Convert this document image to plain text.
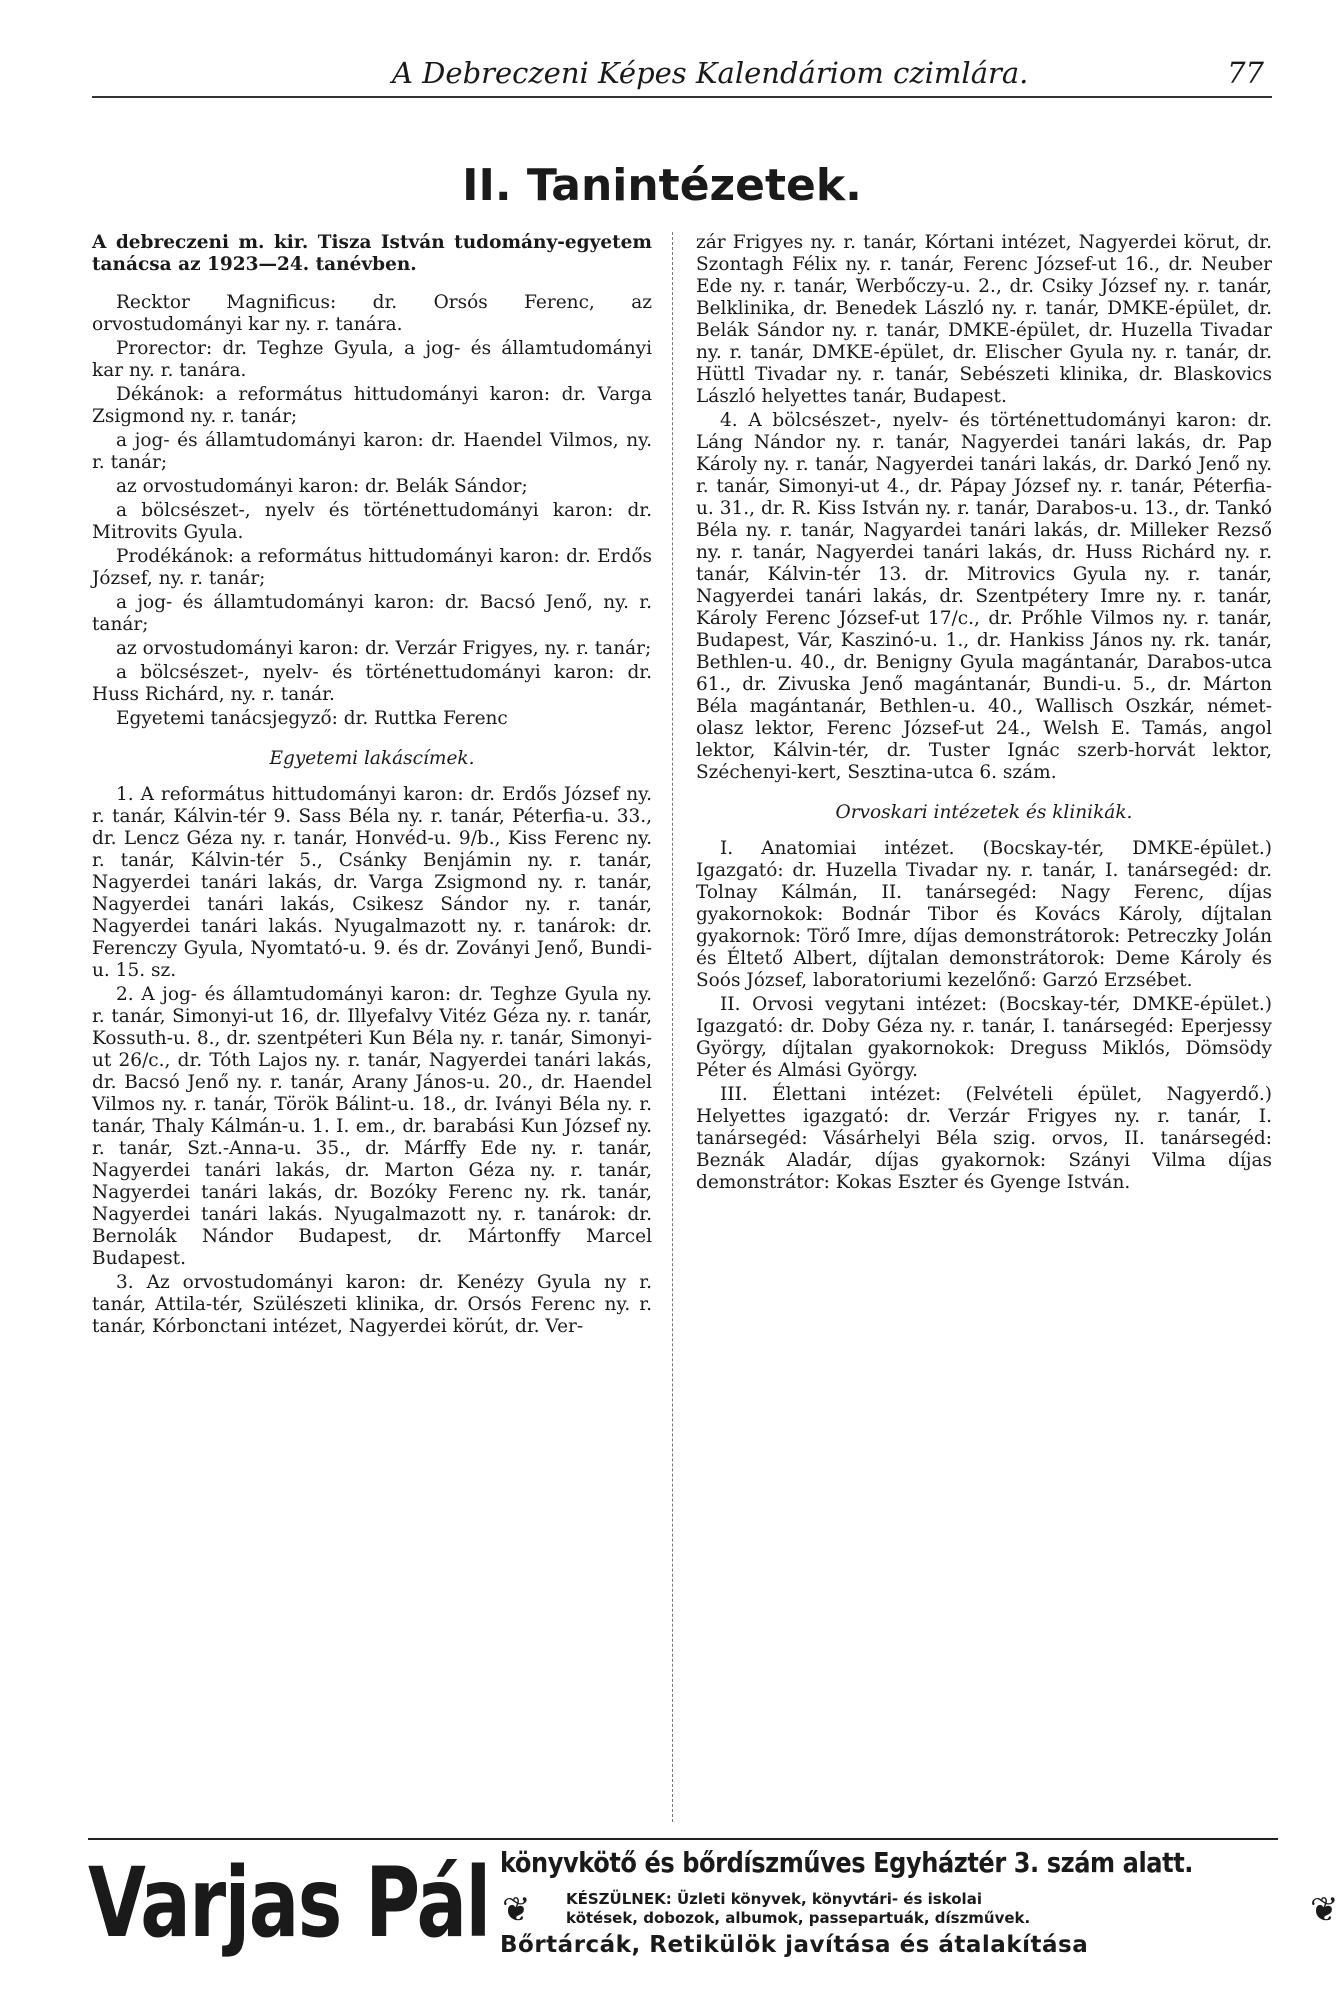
A Debreczeni Képes Kalendáriom czimlára.	77
II. Tanintézetek.

A debreczeni m. kir. Tisza István tudomány-egyetem tanácsa az 1923—24. tanévben.

Recktor Magnificus: dr. Orsós Ferenc, az orvostudományi kar ny. r. tanára.

Prorector: dr. Teghze Gyula, a jog- és államtudományi kar ny. r. tanára.

Dékánok: a református hittudományi karon: dr. Varga Zsigmond ny. r. tanár;

a jog- és államtudományi karon: dr. Haendel Vilmos, ny. r. tanár;

az orvostudományi karon: dr. Belák Sándor;

a bölcsészet-, nyelv és történettudományi karon: dr. Mitrovits Gyula.

Prodékánok: a református hittudományi karon: dr. Erdős József, ny. r. tanár;

a jog- és államtudományi karon: dr. Bacsó Jenő, ny. r. tanár;

az orvostudományi karon: dr. Verzár Frigyes, ny. r. tanár;

a bölcsészet-, nyelv- és történettudományi karon: dr. Huss Richárd, ny. r. tanár.

Egyetemi tanácsjegyző: dr. Ruttka Ferenc

Egyetemi lakáscímek.

1. A református hittudományi karon: dr. Erdős József ny. r. tanár, Kálvin-tér 9. Sass Béla ny. r. tanár, Péterfia-u. 33., dr. Lencz Géza ny. r. tanár, Honvéd-u. 9/b., Kiss Ferenc ny. r. tanár, Kálvin-tér 5., Csánky Benjámin ny. r. tanár, Nagyerdei tanári lakás, dr. Varga Zsigmond ny. r. tanár, Nagyerdei tanári lakás, Csikesz Sándor ny. r. tanár, Nagyerdei tanári lakás. Nyugalmazott ny. r. tanárok: dr. Ferenczy Gyula, Nyomtató-u. 9. és dr. Zoványi Jenő, Bundi-u. 15. sz.

2. A jog- és államtudományi karon: dr. Teghze Gyula ny. r. tanár, Simonyi-ut 16, dr. Illyefalvy Vitéz Géza ny. r. tanár, Kossuth-u. 8., dr. szentpéteri Kun Béla ny. r. tanár, Simonyi-ut 26/c., dr. Tóth Lajos ny. r. tanár, Nagyerdei tanári lakás, dr. Bacsó Jenő ny. r. tanár, Arany János-u. 20., dr. Haendel Vilmos ny. r. tanár, Török Bálint-u. 18., dr. Iványi Béla ny. r. tanár, Thaly Kálmán-u. 1. I. em., dr. barabási Kun József ny. r. tanár, Szt.-Anna-u. 35., dr. Márffy Ede ny. r. tanár, Nagyerdei tanári lakás, dr. Marton Géza ny. r. tanár, Nagyerdei tanári lakás, dr. Bozóky Ferenc ny. rk. tanár, Nagyerdei tanári lakás. Nyugalmazott ny. r. tanárok: dr. Bernolák Nándor Budapest, dr. Mártonffy Marcel Budapest.

3. Az orvostudományi karon: dr. Kenézy Gyula ny r. tanár, Attila-tér, Szülészeti klinika, dr. Orsós Ferenc ny. r. tanár, Kórbonctani intézet, Nagyerdei körút, dr. Ver-

zár Frigyes ny. r. tanár, Kórtani intézet, Nagyerdei körut, dr. Szontagh Félix ny. r. tanár, Ferenc József-ut 16., dr. Neuber Ede ny. r. tanár, Werbőczy-u. 2., dr. Csiky József ny. r. tanár, Belklinika, dr. Benedek László ny. r. tanár, DMKE-épület, dr. Belák Sándor ny. r. tanár, DMKE-épület, dr. Huzella Tivadar ny. r. tanár, DMKE-épület, dr. Elischer Gyula ny. r. tanár, dr. Hüttl Tivadar ny. r. tanár, Sebészeti klinika, dr. Blaskovics László helyettes tanár, Budapest.

4. A bölcsészet-, nyelv- és történettudományi karon: dr. Láng Nándor ny. r. tanár, Nagyerdei tanári lakás, dr. Pap Károly ny. r. tanár, Nagyerdei tanári lakás, dr. Darkó Jenő ny. r. tanár, Simonyi-ut 4., dr. Pápay József ny. r. tanár, Péterfia-u. 31., dr. R. Kiss István ny. r. tanár, Darabos-u. 13., dr. Tankó Béla ny. r. tanár, Nagyardei tanári lakás, dr. Milleker Rezső ny. r. tanár, Nagyerdei tanári lakás, dr. Huss Richárd ny. r. tanár, Kálvin-tér 13. dr. Mitrovics Gyula ny. r. tanár, Nagyerdei tanári lakás, dr. Szentpétery Imre ny. r. tanár, Károly Ferenc József-ut 17/c., dr. Prőhle Vilmos ny. r. tanár, Budapest, Vár, Kaszinó-u. 1., dr. Hankiss János ny. rk. tanár, Bethlen-u. 40., dr. Benigny Gyula magántanár, Darabos-utca 61., dr. Zivuska Jenő magántanár, Bundi-u. 5., dr. Márton Béla magántanár, Bethlen-u. 40., Wallisch Oszkár, német-olasz lektor, Ferenc József-ut 24., Welsh E. Tamás, angol lektor, Kálvin-tér, dr. Tuster Ignác szerb-horvát lektor, Széchenyi-kert, Sesztina-utca 6. szám.

Orvoskari intézetek és klinikák.

I. Anatomiai intézet. (Bocskay-tér, DMKE-épület.) Igazgató: dr. Huzella Tivadar ny. r. tanár, I. tanársegéd: dr. Tolnay Kálmán, II. tanársegéd: Nagy Ferenc, díjas gyakornokok: Bodnár Tibor és Kovács Károly, díjtalan gyakornok: Törő Imre, díjas demonstrátorok: Petreczky Jolán és Éltető Albert, díjtalan demonstrátorok: Deme Károly és Soós József, laboratoriumi kezelőnő: Garzó Erzsébet.

II. Orvosi vegytani intézet: (Bocskay-tér, DMKE-épület.) Igazgató: dr. Doby Géza ny. r. tanár, I. tanársegéd: Eperjessy György, díjtalan gyakornokok: Dreguss Miklós, Dömsödy Péter és Almási György.

III. Élettani intézet: (Felvételi épület, Nagyerdő.) Helyettes igazgató: dr. Verzár Frigyes ny. r. tanár, I. tanársegéd: Vásárhelyi Béla szig. orvos, II. tanársegéd: Beznák Aladár, díjas gyakornok: Szányi Vilma díjas demonstrátor: Kokas Eszter és Gyenge István.

Varjas Pál könyvkötő és bőrdíszműves Egyháztér 3. szám alatt.
❦ KÉSZÜLNEK: Üzleti könyvek, könyvtári- és iskolai
kötések, dobozok, albumok, passepartuák, díszművek.	❦
Bőrtárcák, Retikülök javítása és átalakítása
